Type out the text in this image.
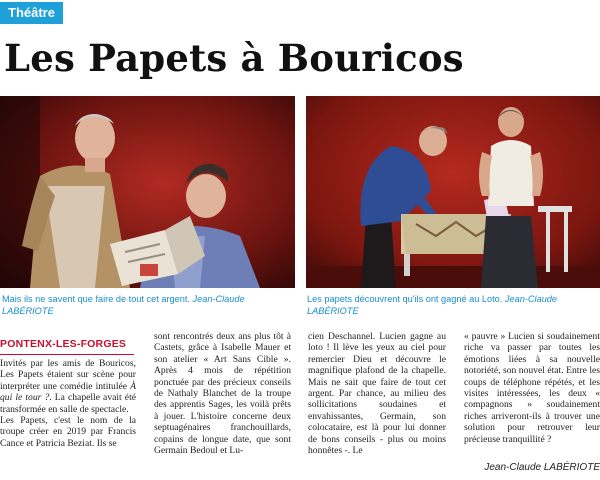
Théâtre
Les Papets à Bouricos
Mais ils ne savent que faire de tout cet argent. Jean-Claude LABÉRIOTE
Les papets découvrent qu'ils ont gagné au Loto. Jean-Claude LABÉRIOTE
PONTENX-LES-FORGES

Invités par les amis de Bouricos, Les Papets étaient sur scène pour interpréter une comédie intitulée À qui le tour ?. La chapelle avait été transformée en salle de spectacle.

Les Papets, c'est le nom de la troupe créer en 2019 par Francis Cance et Patricia Beziat. Ils se

sont rencontrés deux ans plus tôt à Castets, grâce à Isabelle Mauer et son atelier « Art Sans Cible ». Après 4 mois de répétition ponctuée par des précieux conseils de Nathaly Blanchet de la troupe des apprentis Sages, les voilà prêts à jouer. L'histoire concerne deux septuagénaires franchouillards, copains de longue date, que sont Germain Bedoul et Lu-

cien Deschannel. Lucien gagne au loto ! Il lève les yeux au ciel pour remercier Dieu et découvre le magnifique plafond de la chapelle. Mais ne sait que faire de tout cet argent. Par chance, au milieu des sollicitations soudaines et envahissantes, Germain, son colocataire, est là pour lui donner de bons conseils - plus ou moins honnêtes -. Le

« pauvre » Lucien si soudainement riche va passer par toutes les émotions liées à sa nouvelle notoriété, son nouvel état. Entre les coups de téléphone répétés, et les visites intéressées, les deux « compagnons » soudainement riches arriveront-ils à trouver une solution pour retrouver leur précieuse tranquillité ?

Jean-Claude LABÉRIOTE
